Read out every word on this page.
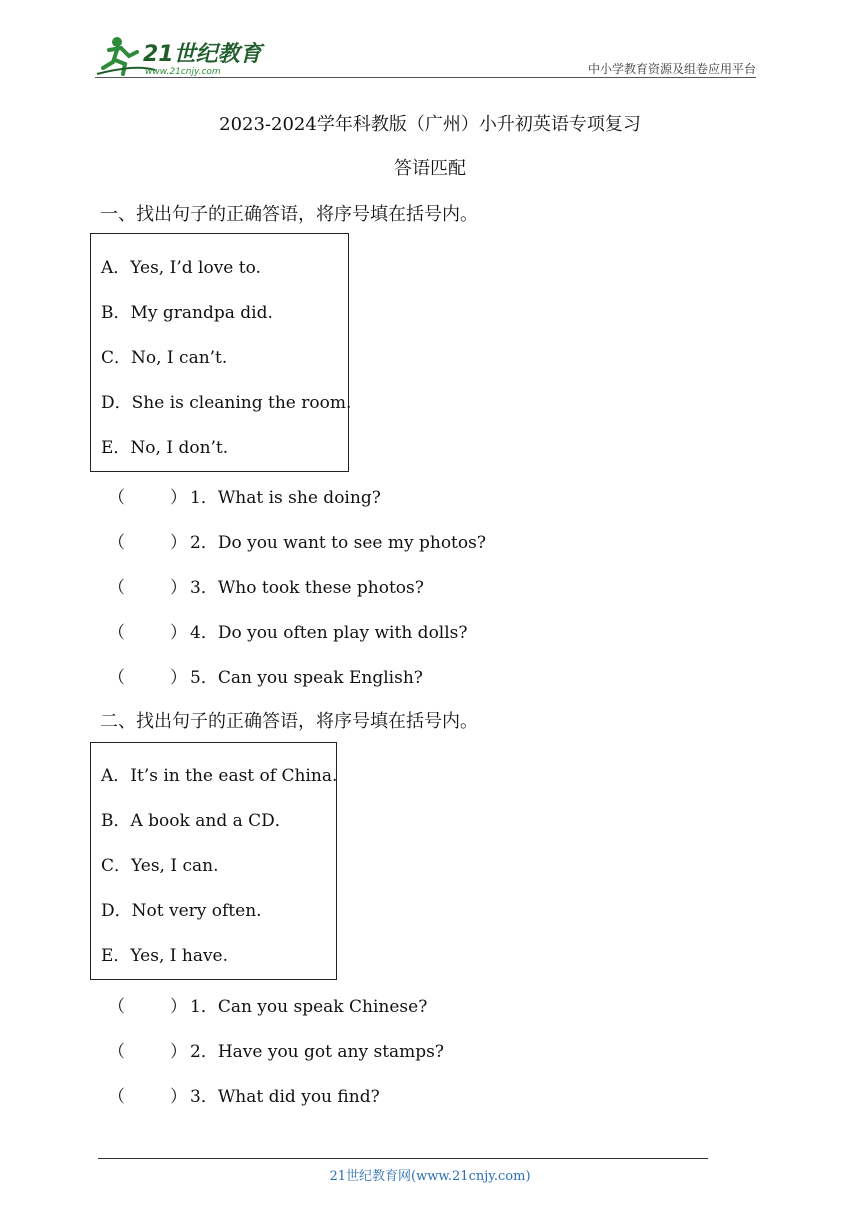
21世纪教育
www.21cnjy.com	中小学教育资源及组卷应用平台
2023-2024学年科教版（广州）小升初英语专项复习
答语匹配
一、找出句子的正确答语，将序号填在括号内。
A．Yes, I’d love to.
B．My grandpa did.
C．No, I can’t.
D．She is cleaning the room.
E．No, I don’t.
（	） 1．What is she doing?
（	） 2．Do you want to see my photos?
（	） 3．Who took these photos?
（	） 4．Do you often play with dolls?
（	） 5．Can you speak English?
二、找出句子的正确答语，将序号填在括号内。
A．It’s in the east of China.
B．A book and a CD．
C．Yes, I can.
D．Not very often.
E．Yes, I have.
（	） 1．Can you speak Chinese?
（	） 2．Have you got any stamps?
（	） 3．What did you find?
21世纪教育网(www.21cnjy.com)
